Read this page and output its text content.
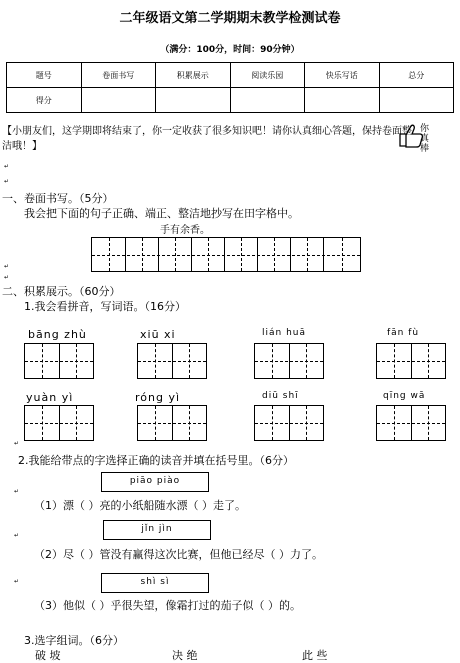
二年级语文第二学期期末教学检测试卷
（满分：100分，时间：90分钟）
题号	卷面书写	积累展示	阅读乐园	快乐写话	总分
得分					
【小朋友们，这学期即将结束了，你一定收获了很多知识吧！请你认真细心答题，保持卷面整洁哦！】
你真棒
↵
↵
↵
↵
↵
↵
↵
↵
一、卷面书写。（5分）
我会把下面的句子正确、端正、整洁地抄写在田字格中。
手有余香。
二、积累展示。（60分）
1.我会看拼音，写词语。（16分）
bāng zhù	xiū xi	lián huā	fān fù
yuàn yì	róng yì	diū shī	qīng wā
2.我能给带点的字选择正确的读音并填在括号里。（6分）
piāo piào
（1）漂（ ）亮的小纸船随水漂（ ）走了。
jǐn jìn
（2）尽（ ）管没有赢得这次比赛，但他已经尽（ ）力了。
shì sì
（3）他似（ ）乎很失望，像霜打过的茄子似（ ）的。
3.选字组词。（6分）
破 坡	决 绝	此 些
